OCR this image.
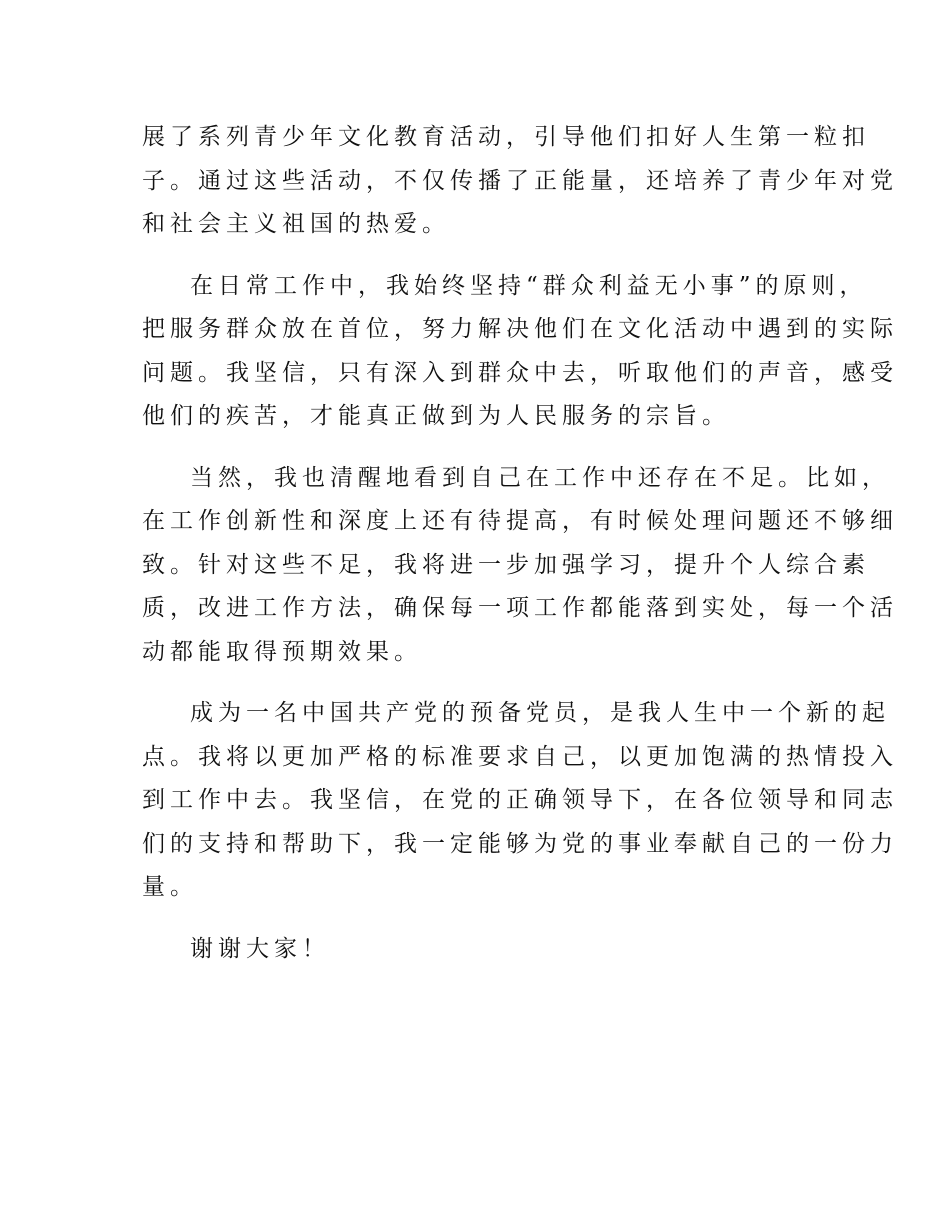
展了系列青少年文化教育活动，引导他们扣好人生第一粒扣
子。通过这些活动，不仅传播了正能量，还培养了青少年对党
和社会主义祖国的热爱。
在日常工作中，我始终坚持“群众利益无小事”的原则，
把服务群众放在首位，努力解决他们在文化活动中遇到的实际
问题。我坚信，只有深入到群众中去，听取他们的声音，感受
他们的疾苦，才能真正做到为人民服务的宗旨。
当然，我也清醒地看到自己在工作中还存在不足。比如，
在工作创新性和深度上还有待提高，有时候处理问题还不够细
致。针对这些不足，我将进一步加强学习，提升个人综合素
质，改进工作方法，确保每一项工作都能落到实处，每一个活
动都能取得预期效果。
成为一名中国共产党的预备党员，是我人生中一个新的起
点。我将以更加严格的标准要求自己，以更加饱满的热情投入
到工作中去。我坚信，在党的正确领导下，在各位领导和同志
们的支持和帮助下，我一定能够为党的事业奉献自己的一份力
量。
谢谢大家！
